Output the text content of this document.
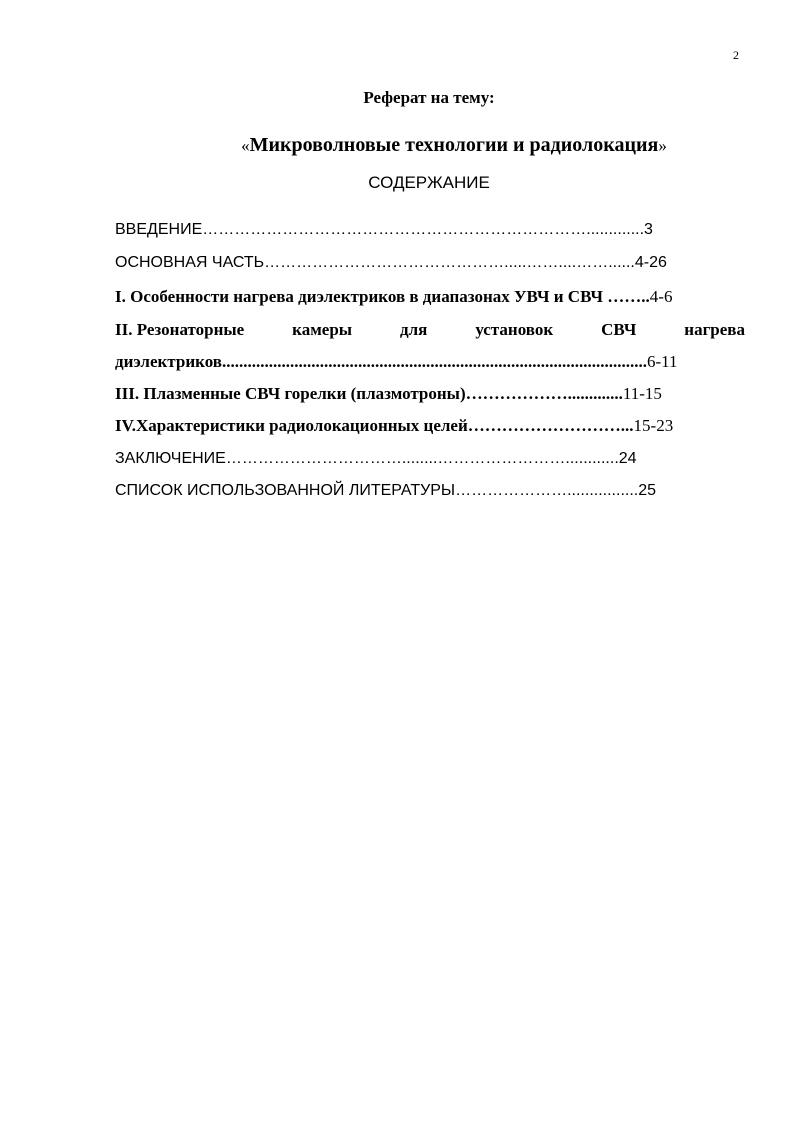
2
Реферат на тему:
«Микроволновые технологии и радиолокация»
СОДЕРЖАНИЕ
ВВЕДЕНИЕ……………………………………………………………….............3
ОСНОВНАЯ ЧАСТЬ……………………………………….....……....……......4-26
I. Особенности нагрева диэлектриков в диапазонах УВЧ и СВЧ ……..4-6
II. Резонаторные	камеры	для	установок	СВЧ	нагрева
диэлектриков....................................................................................................6-11
III. Плазменные СВЧ горелки (плазмотроны)……………….............11-15
IV.Характеристики радиолокационных целей………………………...15-23
ЗАКЛЮЧЕНИЕ……………………………........……………………............24
СПИСОК ИСПОЛЬЗОВАННОЙ ЛИТЕРАТУРЫ…………………................25
